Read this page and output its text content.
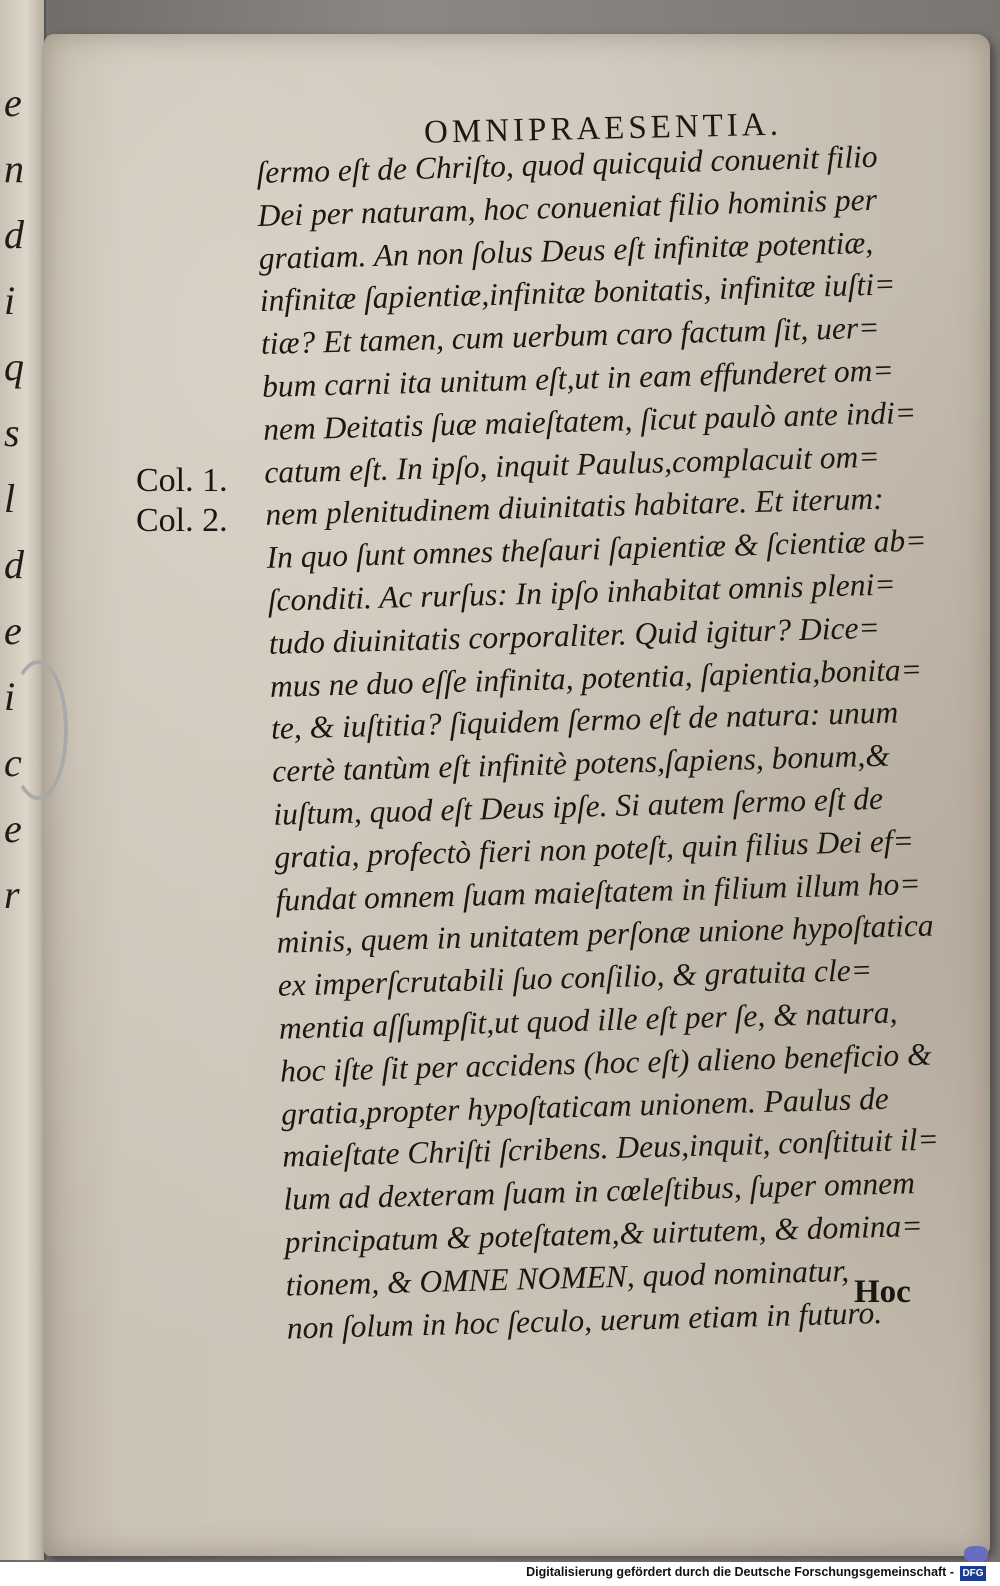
e
n
d
i
q
s
l
d
e
i
c
e
r
OMNIPRAESENTIA.
Col. 1.
Col. 2.
ſermo eſt de Chriſto, quod quicquid conuenit filio
Dei per naturam, hoc conueniat filio hominis per
gratiam. An non ſolus Deus eſt infinitæ potentiæ,
infinitæ ſapientiæ,infinitæ bonitatis, infinitæ iuſti=
tiæ? Et tamen, cum uerbum caro factum ſit, uer=
bum carni ita unitum eſt,ut in eam effunderet om=
nem Deitatis ſuæ maieſtatem, ſicut paulò ante indi=
catum eſt. In ipſo, inquit Paulus,complacuit om=
nem plenitudinem diuinitatis habitare. Et iterum:
In quo ſunt omnes theſauri ſapientiæ & ſcientiæ ab=
ſconditi. Ac rurſus: In ipſo inhabitat omnis pleni=
tudo diuinitatis corporaliter. Quid igitur? Dice=
mus ne duo eſſe infinita, potentia, ſapientia,bonita=
te, & iuſtitia? ſiquidem ſermo eſt de natura: unum
certè tantùm eſt infinitè potens,ſapiens, bonum,&
iuſtum, quod eſt Deus ipſe. Si autem ſermo eſt de
gratia, profectò fieri non poteſt, quin filius Dei ef=
fundat omnem ſuam maieſtatem in filium illum ho=
minis, quem in unitatem perſonæ unione hypoſtatica
ex imperſcrutabili ſuo conſilio, & gratuita cle=
mentia aſſumpſit,ut quod ille eſt per ſe, & natura,
hoc iſte ſit per accidens (hoc eſt) alieno beneficio &
gratia,propter hypoſtaticam unionem. Paulus de
maieſtate Chriſti ſcribens. Deus,inquit, conſtituit il=
lum ad dexteram ſuam in cœleſtibus, ſuper omnem
principatum & poteſtatem,& uirtutem, & domina=
tionem, & OMNE NOMEN, quod nominatur,
non ſolum in hoc ſeculo, uerum etiam in futuro.
Hoc
Digitalisierung gefördert durch die Deutsche Forschungsgemeinschaft - DFG
